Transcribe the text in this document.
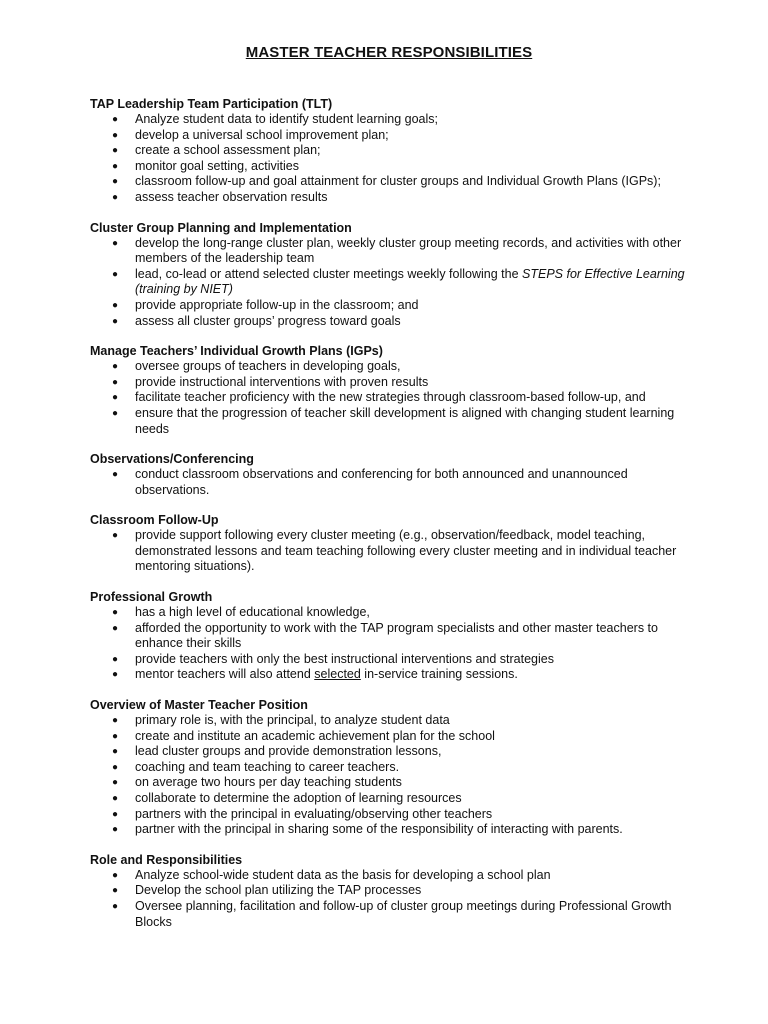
MASTER TEACHER RESPONSIBILITIES
TAP Leadership Team Participation (TLT)
● Analyze student data to identify student learning goals;
● develop a universal school improvement plan;
● create a school assessment plan;
● monitor goal setting, activities
● classroom follow-up and goal attainment for cluster groups and Individual Growth Plans (IGPs);
● assess teacher observation results
Cluster Group Planning and Implementation
● develop the long-range cluster plan, weekly cluster group meeting records, and activities with other members of the leadership team
● lead, co-lead or attend selected cluster meetings weekly following the STEPS for Effective Learning (training by NIET)
● provide appropriate follow-up in the classroom; and
● assess all cluster groups’ progress toward goals
Manage Teachers’ Individual Growth Plans (IGPs)
● oversee groups of teachers in developing goals,
● provide instructional interventions with proven results
● facilitate teacher proficiency with the new strategies through classroom-based follow-up, and
● ensure that the progression of teacher skill development is aligned with changing student learning needs
Observations/Conferencing
● conduct classroom observations and conferencing for both announced and unannounced observations.
Classroom Follow-Up
● provide support following every cluster meeting (e.g., observation/feedback, model teaching, demonstrated lessons and team teaching following every cluster meeting and in individual teacher mentoring situations).
Professional Growth
● has a high level of educational knowledge,
● afforded the opportunity to work with the TAP program specialists and other master teachers to enhance their skills
● provide teachers with only the best instructional interventions and strategies
● mentor teachers will also attend selected in-service training sessions.
Overview of Master Teacher Position
● primary role is, with the principal, to analyze student data
● create and institute an academic achievement plan for the school
● lead cluster groups and provide demonstration lessons,
● coaching and team teaching to career teachers.
● on average two hours per day teaching students
● collaborate to determine the adoption of learning resources
● partners with the principal in evaluating/observing other teachers
● partner with the principal in sharing some of the responsibility of interacting with parents.
Role and Responsibilities
● Analyze school-wide student data as the basis for developing a school plan
● Develop the school plan utilizing the TAP processes
● Oversee planning, facilitation and follow-up of cluster group meetings during Professional Growth Blocks
